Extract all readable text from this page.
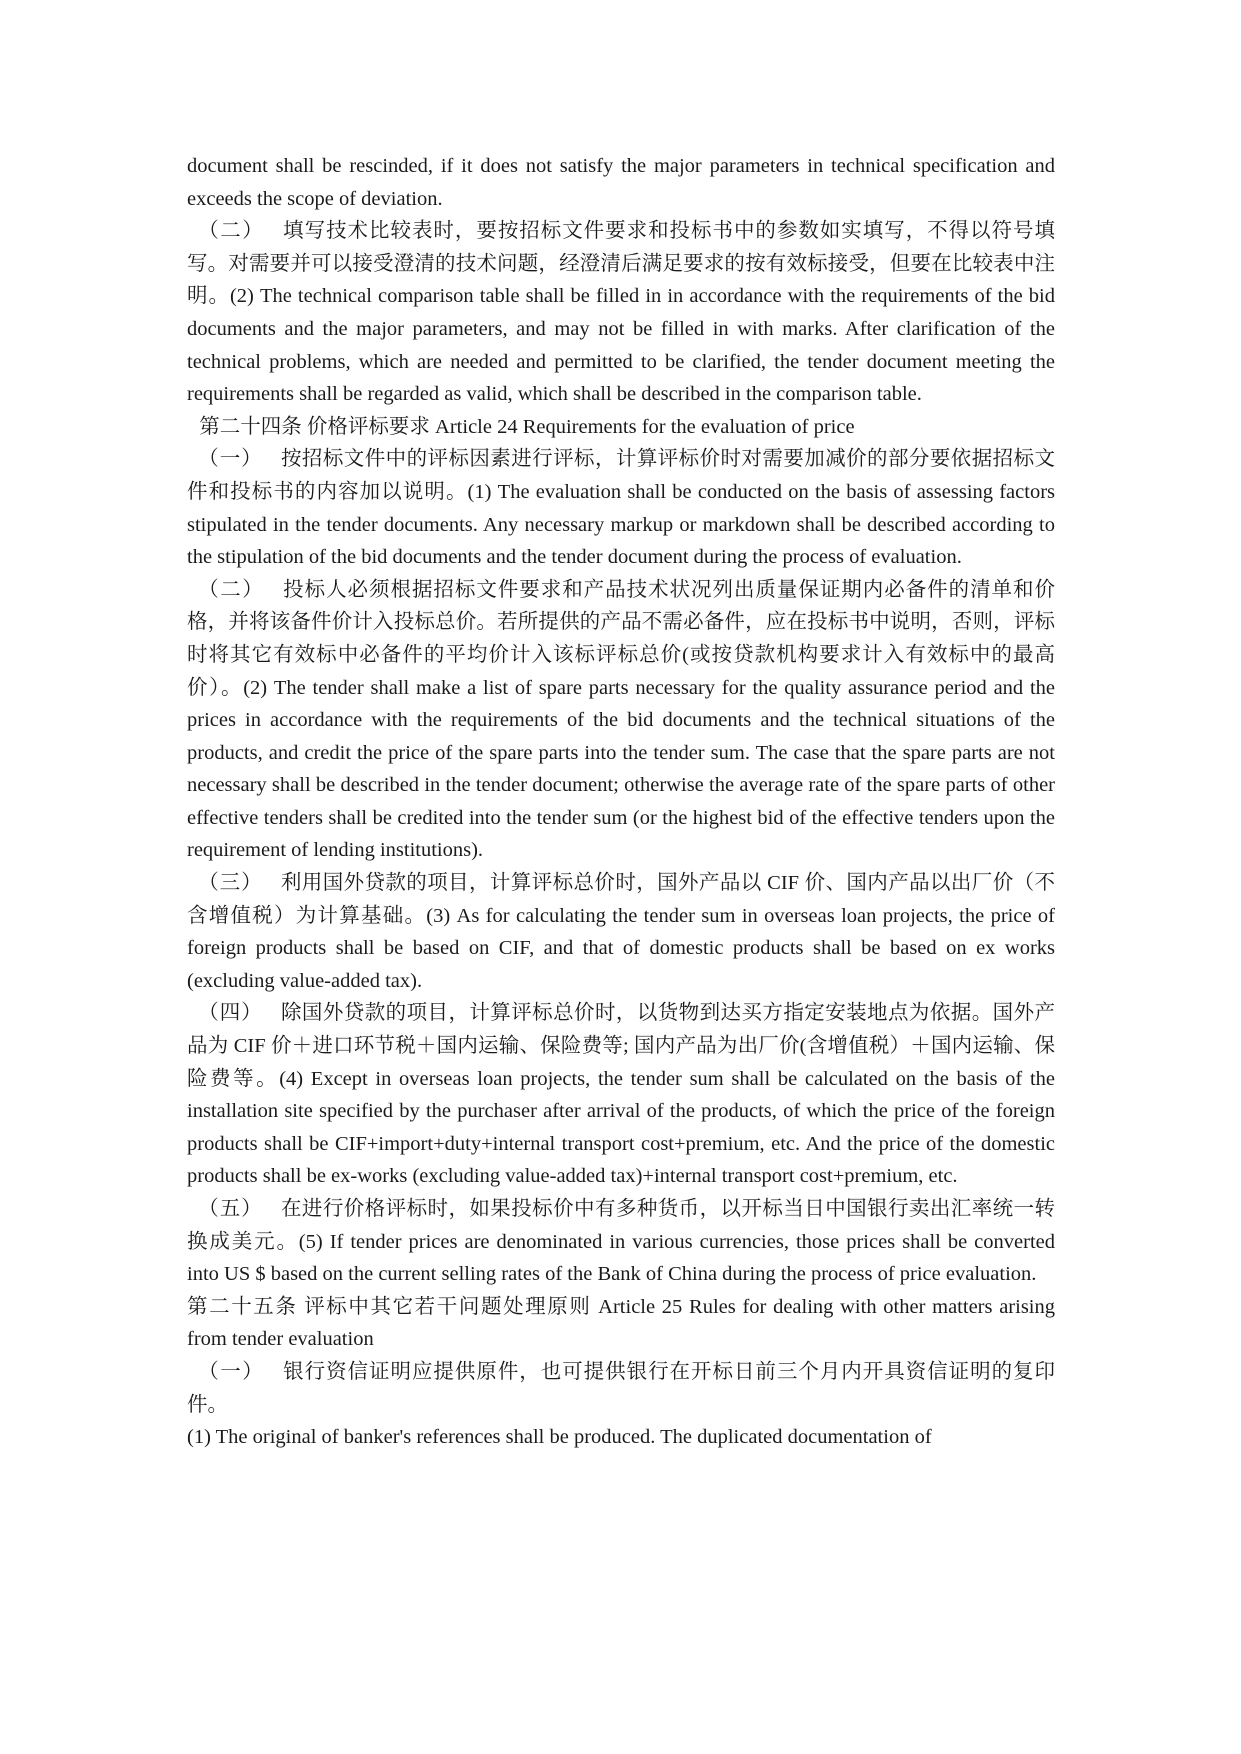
document shall be rescinded, if it does not satisfy the major parameters in technical specification and exceeds the scope of deviation.

（二） 填写技术比较表时，要按招标文件要求和投标书中的参数如实填写，不得以符号填写。对需要并可以接受澄清的技术问题，经澄清后满足要求的按有效标接受，但要在比较表中注明。(2) The technical comparison table shall be filled in in accordance with the requirements of the bid documents and the major parameters, and may not be filled in with marks. After clarification of the technical problems, which are needed and permitted to be clarified, the tender document meeting the requirements shall be regarded as valid, which shall be described in the comparison table.

第二十四条 价格评标要求 Article 24 Requirements for the evaluation of price

（一） 按招标文件中的评标因素进行评标，计算评标价时对需要加减价的部分要依据招标文件和投标书的内容加以说明。(1) The evaluation shall be conducted on the basis of assessing factors stipulated in the tender documents. Any necessary markup or markdown shall be described according to the stipulation of the bid documents and the tender document during the process of evaluation.

（二） 投标人必须根据招标文件要求和产品技术状况列出质量保证期内必备件的清单和价格，并将该备件价计入投标总价。若所提供的产品不需必备件，应在投标书中说明，否则，评标时将其它有效标中必备件的平均价计入该标评标总价(或按贷款机构要求计入有效标中的最高价）。(2) The tender shall make a list of spare parts necessary for the quality assurance period and the prices in accordance with the requirements of the bid documents and the technical situations of the products, and credit the price of the spare parts into the tender sum. The case that the spare parts are not necessary shall be described in the tender document; otherwise the average rate of the spare parts of other effective tenders shall be credited into the tender sum (or the highest bid of the effective tenders upon the requirement of lending institutions).

（三） 利用国外贷款的项目，计算评标总价时，国外产品以 CIF 价、国内产品以出厂价（不含增值税）为计算基础。(3) As for calculating the tender sum in overseas loan projects, the price of foreign products shall be based on CIF, and that of domestic products shall be based on ex works (excluding value-added tax).

（四） 除国外贷款的项目，计算评标总价时，以货物到达买方指定安装地点为依据。国外产品为 CIF 价＋进口环节税＋国内运输、保险费等; 国内产品为出厂价(含增值税）＋国内运输、保险费等。(4) Except in overseas loan projects, the tender sum shall be calculated on the basis of the installation site specified by the purchaser after arrival of the products, of which the price of the foreign products shall be CIF+import+duty+internal transport cost+premium, etc. And the price of the domestic products shall be ex-works (excluding value-added tax)+internal transport cost+premium, etc.

（五） 在进行价格评标时，如果投标价中有多种货币，以开标当日中国银行卖出汇率统一转换成美元。(5) If tender prices are denominated in various currencies, those prices shall be converted into US $ based on the current selling rates of the Bank of China during the process of price evaluation.

第二十五条 评标中其它若干问题处理原则 Article 25 Rules for dealing with other matters arising from tender evaluation

（一） 银行资信证明应提供原件，也可提供银行在开标日前三个月内开具资信证明的复印件。

(1) The original of banker's references shall be produced. The duplicated documentation of
